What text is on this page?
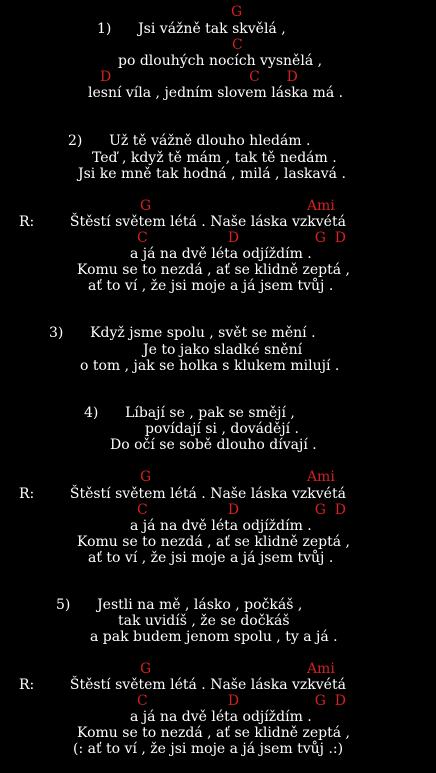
G
1)      Jsi vážně tak skvělá ,
C
po dlouhých nocích vysnělá ,
D                               C      D
lesní víla , jedním slovem láska má .
2)      Už tě vážně dlouho hledám .
Teď , když tě mám , tak tě nedám .
Jsi ke mně tak hodná , milá , laskavá .
G                                   Ami
R:        Štěstí světem létá . Naše láska vzkvétá
C                  D                 G  D
a já na dvě léta odjíždím .
Komu se to nezdá , ať se klidně zeptá ,
ať to ví , že jsi moje a já jsem tvůj .
3)      Když jsme spolu , svět se mění .
Je to jako sladké snění
o tom , jak se holka s klukem milují .
4)      Líbají se , pak se smějí ,
povídají si , dovádějí .
Do očí se sobě dlouho dívají .
G                                   Ami
R:        Štěstí světem létá . Naše láska vzkvétá
C                  D                 G  D
a já na dvě léta odjíždím .
Komu se to nezdá , ať se klidně zeptá ,
ať to ví , že jsi moje a já jsem tvůj .
5)      Jestli na mě , lásko , počkáš ,
tak uvidíš , že se dočkáš
a pak budem jenom spolu , ty a já .
G                                   Ami
R:        Štěstí světem létá . Naše láska vzkvétá
C                  D                 G  D
a já na dvě léta odjíždím .
Komu se to nezdá , ať se klidně zeptá ,
(: ať to ví , že jsi moje a já jsem tvůj .:)
